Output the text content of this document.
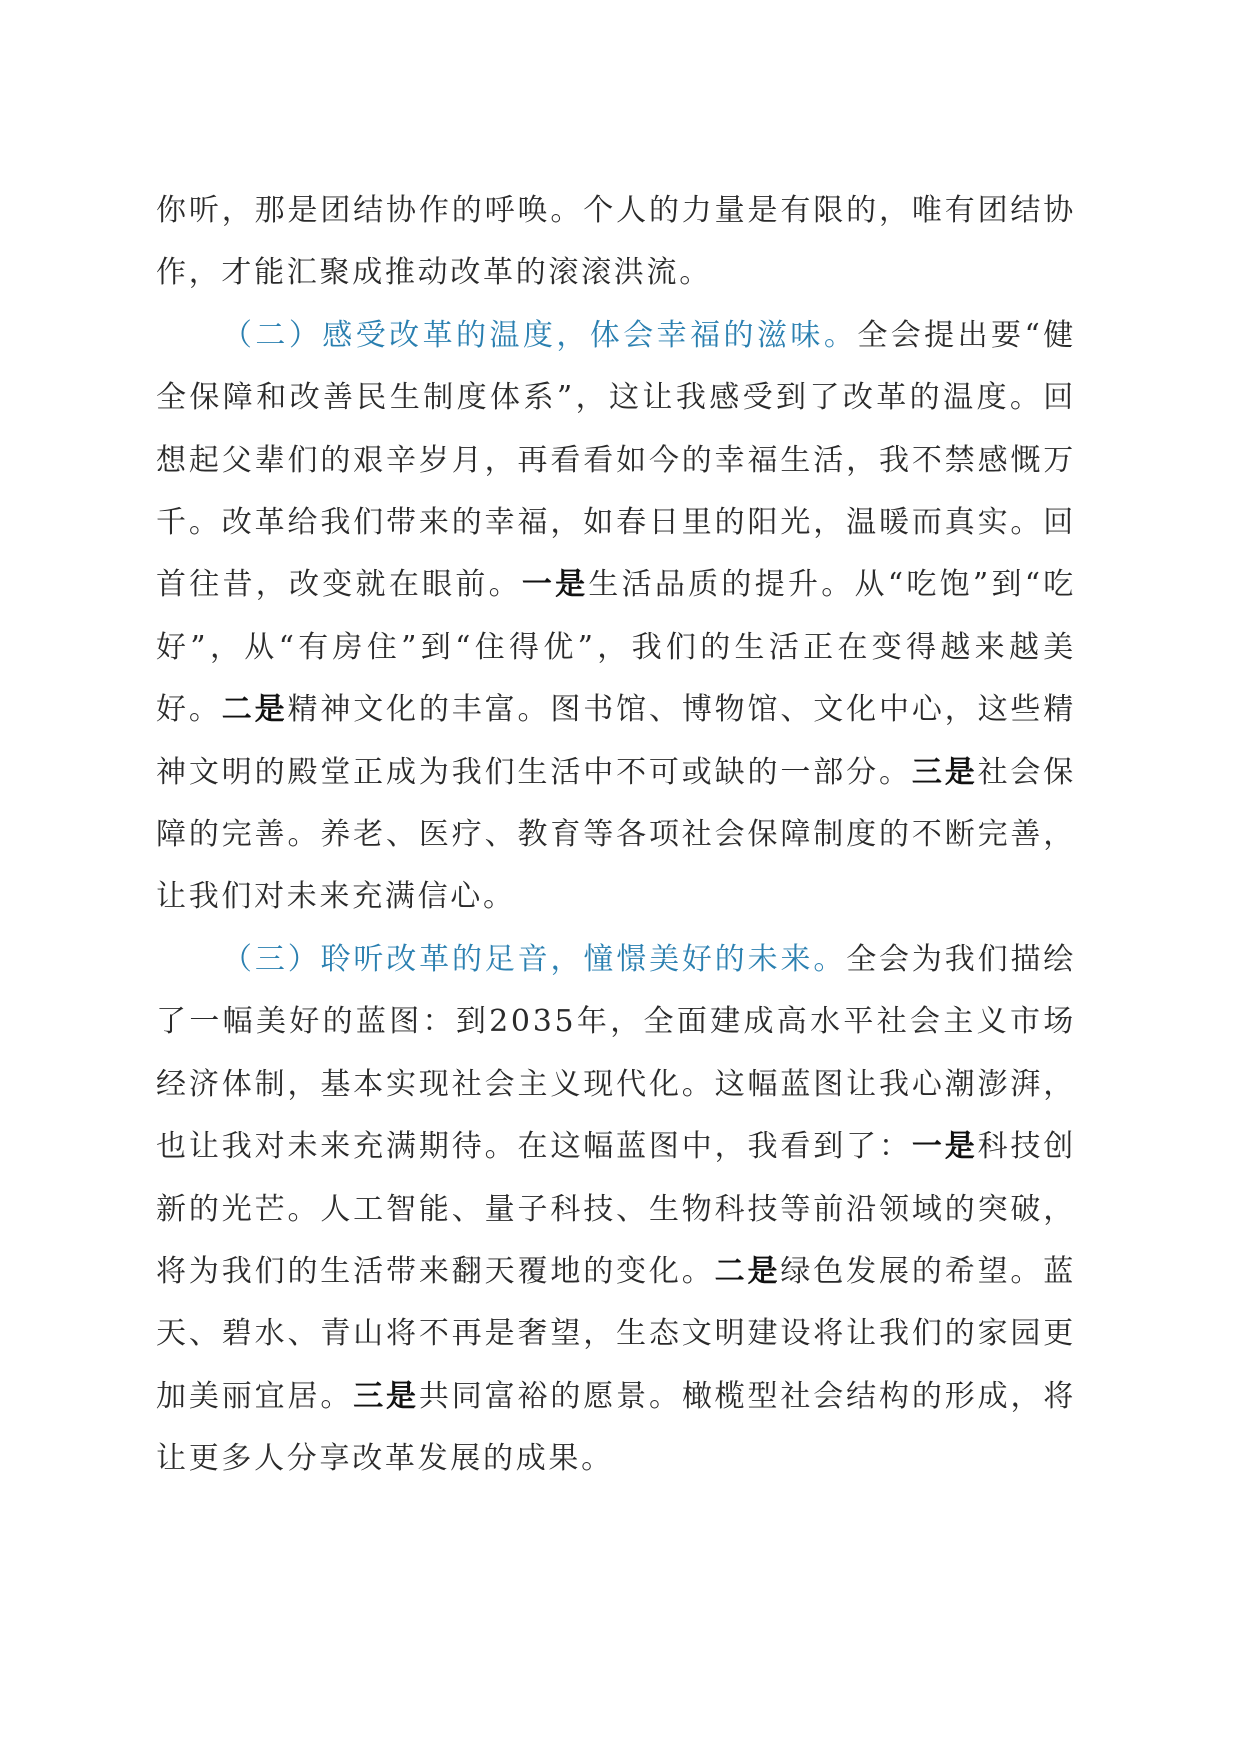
你听，那是团结协作的呼唤。个人的力量是有限的，唯有团结协作，才能汇聚成推动改革的滚滚洪流。

（二）感受改革的温度，体会幸福的滋味。全会提出要“健全保障和改善民生制度体系”，这让我感受到了改革的温度。回想起父辈们的艰辛岁月，再看看如今的幸福生活，我不禁感慨万千。改革给我们带来的幸福，如春日里的阳光，温暖而真实。回首往昔，改变就在眼前。一是生活品质的提升。从“吃饱”到“吃好”，从“有房住”到“住得优”，我们的生活正在变得越来越美好。二是精神文化的丰富。图书馆、博物馆、文化中心，这些精神文明的殿堂正成为我们生活中不可或缺的一部分。三是社会保障的完善。养老、医疗、教育等各项社会保障制度的不断完善，让我们对未来充满信心。

（三）聆听改革的足音，憧憬美好的未来。全会为我们描绘了一幅美好的蓝图：到2035年，全面建成高水平社会主义市场经济体制，基本实现社会主义现代化。这幅蓝图让我心潮澎湃，也让我对未来充满期待。在这幅蓝图中，我看到了：一是科技创新的光芒。人工智能、量子科技、生物科技等前沿领域的突破，将为我们的生活带来翻天覆地的变化。二是绿色发展的希望。蓝天、碧水、青山将不再是奢望，生态文明建设将让我们的家园更加美丽宜居。三是共同富裕的愿景。橄榄型社会结构的形成，将让更多人分享改革发展的成果。
